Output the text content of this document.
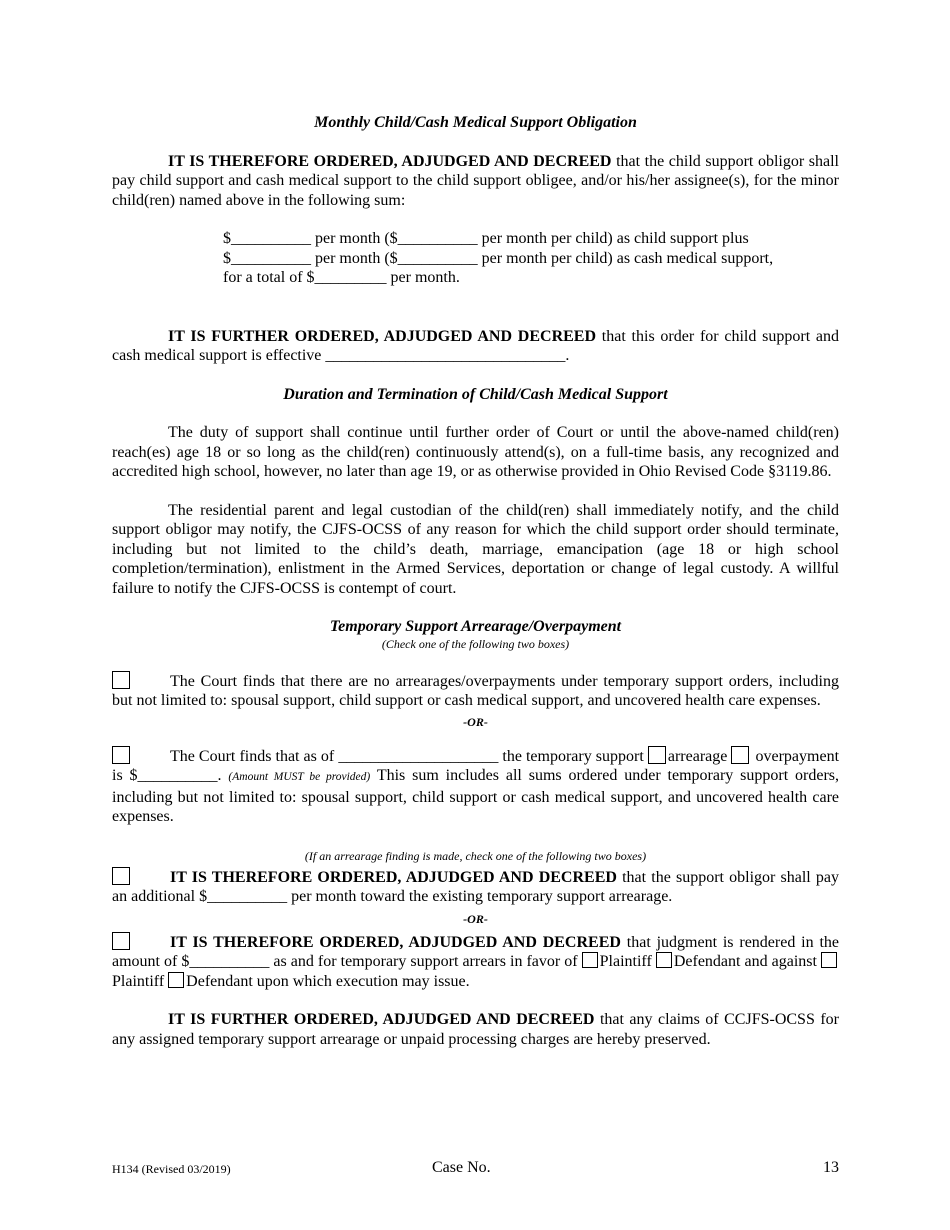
Monthly Child/Cash Medical Support Obligation
IT IS THEREFORE ORDERED, ADJUDGED AND DECREED that the child support obligor shall pay child support and cash medical support to the child support obligee, and/or his/her assignee(s), for the minor child(ren) named above in the following sum:
$__________ per month ($__________ per month per child) as child support plus
$__________ per month ($__________ per month per child) as cash medical support,
for a total of $_________ per month.
IT IS FURTHER ORDERED, ADJUDGED AND DECREED that this order for child support and cash medical support is effective ______________________________.
Duration and Termination of Child/Cash Medical Support
The duty of support shall continue until further order of Court or until the above-named child(ren) reach(es) age 18 or so long as the child(ren) continuously attend(s), on a full-time basis, any recognized and accredited high school, however, no later than age 19, or as otherwise provided in Ohio Revised Code §3119.86.
The residential parent and legal custodian of the child(ren) shall immediately notify, and the child support obligor may notify, the CJFS-OCSS of any reason for which the child support order should terminate, including but not limited to the child’s death, marriage, emancipation (age 18 or high school completion/termination), enlistment in the Armed Services, deportation or change of legal custody. A willful failure to notify the CJFS-OCSS is contempt of court.
Temporary Support Arrearage/Overpayment
(Check one of the following two boxes)
The Court finds that there are no arrearages/overpayments under temporary support orders, including but not limited to: spousal support, child support or cash medical support, and uncovered health care expenses.
-OR-
The Court finds that as of ____________________ the temporary support arrearage  overpayment is $__________. (Amount MUST be provided) This sum includes all sums ordered under temporary support orders, including but not limited to: spousal support, child support or cash medical support, and uncovered health care expenses.
(If an arrearage finding is made, check one of the following two boxes)
IT IS THEREFORE ORDERED, ADJUDGED AND DECREED that the support obligor shall pay an additional $__________ per month toward the existing temporary support arrearage.
-OR-
IT IS THEREFORE ORDERED, ADJUDGED AND DECREED that judgment is rendered in the amount of $__________ as and for temporary support arrears in favor of Plaintiff Defendant and against Plaintiff Defendant upon which execution may issue.
IT IS FURTHER ORDERED, ADJUDGED AND DECREED that any claims of CCJFS-OCSS for any assigned temporary support arrearage or unpaid processing charges are hereby preserved.
H134 (Revised 03/2019)	Case No.	13
